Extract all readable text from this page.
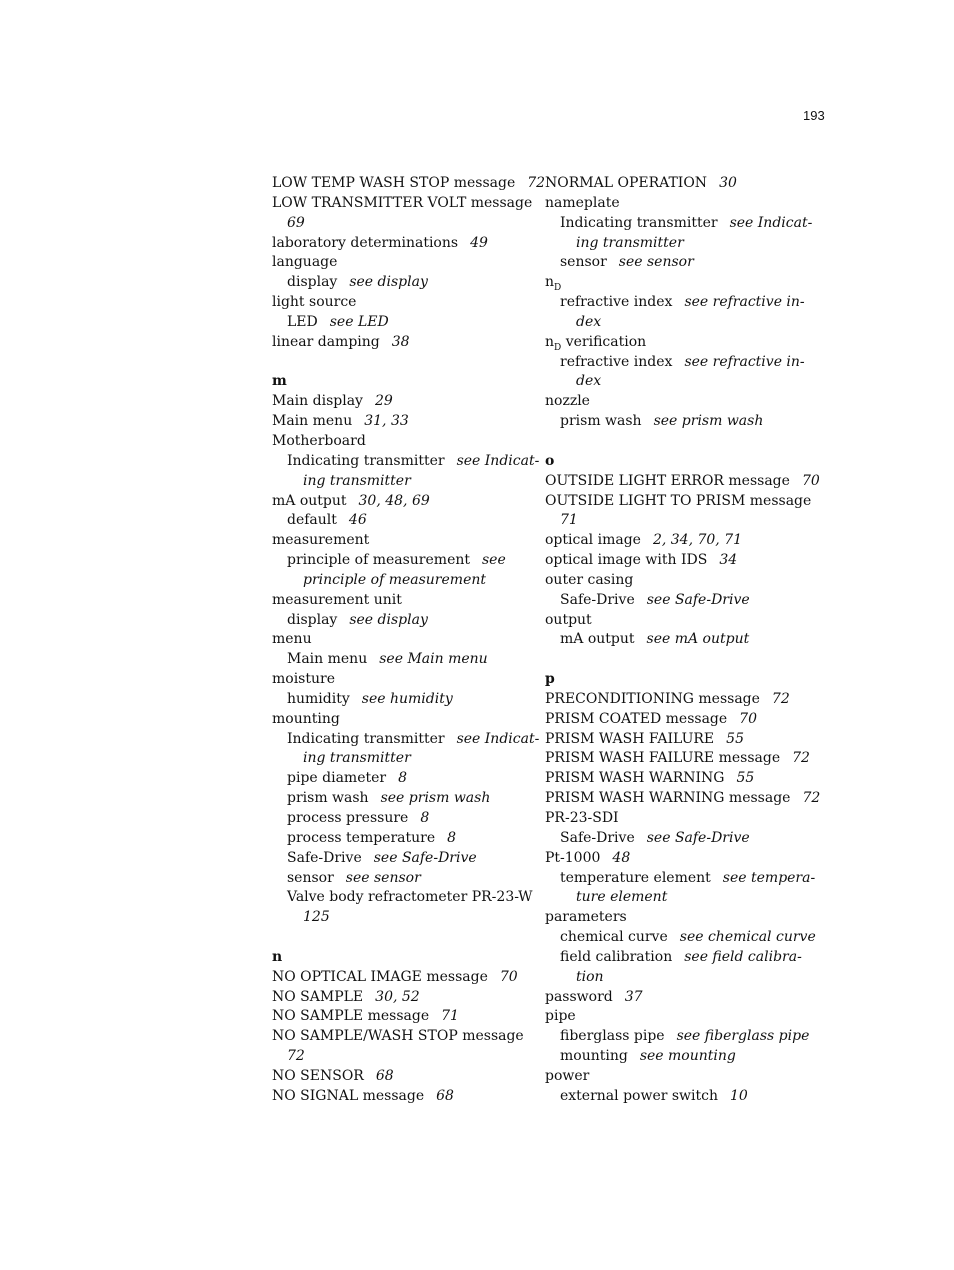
193
LOW TEMP WASH STOP message 72
LOW TRANSMITTER VOLT message
69
laboratory determinations 49
language
display see display
light source
LED see LED
linear damping 38

m
Main display 29
Main menu 31, 33
Motherboard
Indicating transmitter see Indicat-
ing transmitter
mA output 30, 48, 69
default 46
measurement
principle of measurement see
principle of measurement
measurement unit
display see display
menu
Main menu see Main menu
moisture
humidity see humidity
mounting
Indicating transmitter see Indicat-
ing transmitter
pipe diameter 8
prism wash see prism wash
process pressure 8
process temperature 8
Safe-Drive see Safe-Drive
sensor see sensor
Valve body refractometer PR-23-W
125

n
NO OPTICAL IMAGE message 70
NO SAMPLE 30, 52
NO SAMPLE message 71
NO SAMPLE/WASH STOP message
72
NO SENSOR 68
NO SIGNAL message 68
NORMAL OPERATION 30
nameplate
Indicating transmitter see Indicat-
ing transmitter
sensor see sensor
$n_D$
refractive index see refractive in-
dex
$n_D$ verification
refractive index see refractive in-
dex
nozzle
prism wash see prism wash

o
OUTSIDE LIGHT ERROR message 70
OUTSIDE LIGHT TO PRISM message
71
optical image 2, 34, 70, 71
optical image with IDS 34
outer casing
Safe-Drive see Safe-Drive
output
mA output see mA output

p
PRECONDITIONING message 72
PRISM COATED message 70
PRISM WASH FAILURE 55
PRISM WASH FAILURE message 72
PRISM WASH WARNING 55
PRISM WASH WARNING message 72
PR-23-SDI
Safe-Drive see Safe-Drive
Pt-1000 48
temperature element see tempera-
ture element
parameters
chemical curve see chemical curve
field calibration see field calibra-
tion
password 37
pipe
fiberglass pipe see fiberglass pipe
mounting see mounting
power
external power switch 10
